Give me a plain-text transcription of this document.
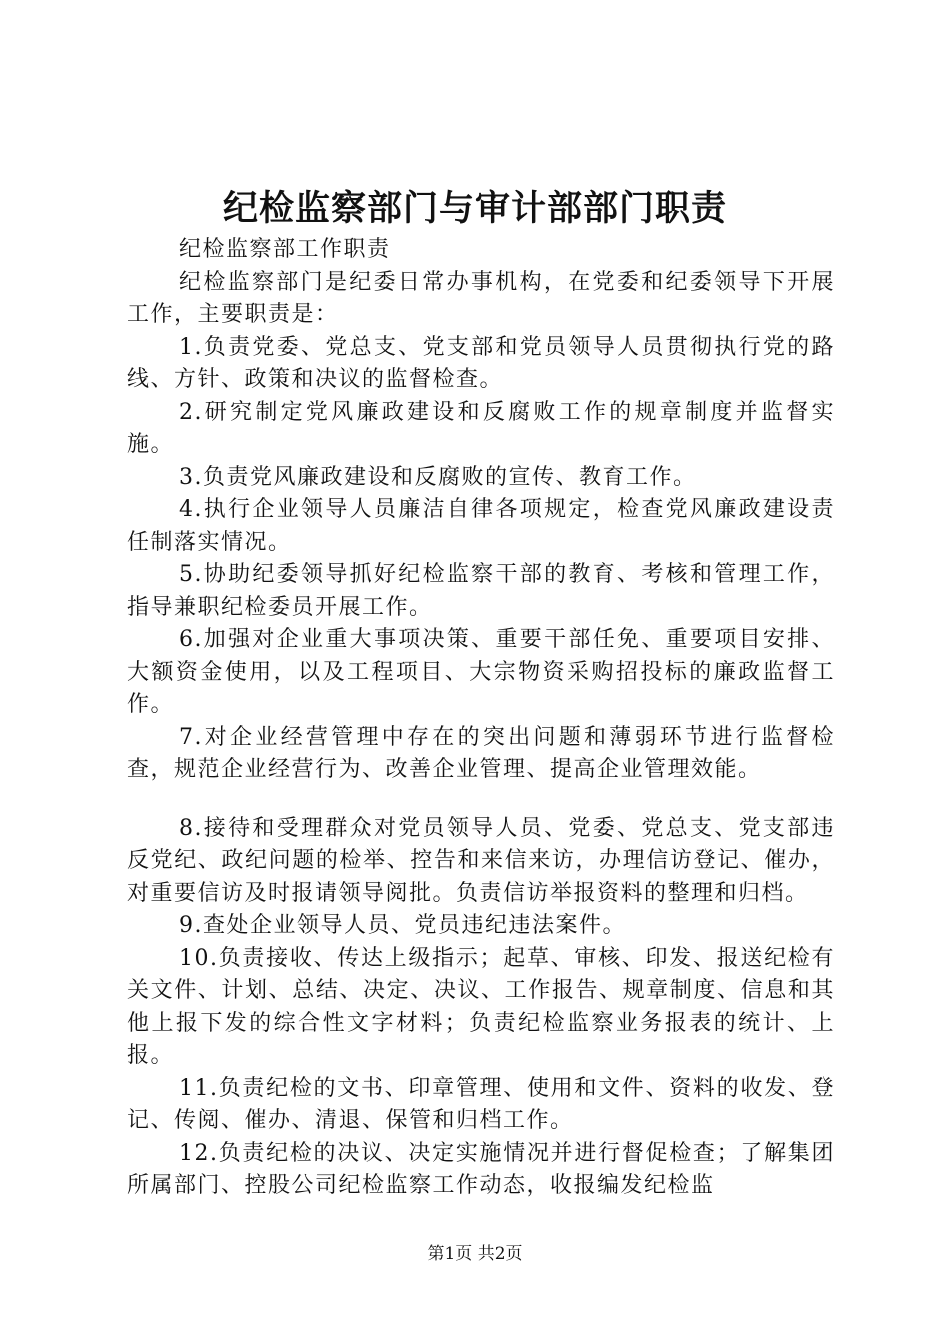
纪检监察部门与审计部部门职责

纪检监察部工作职责

纪检监察部门是纪委日常办事机构，在党委和纪委领导下开展工作，主要职责是：

1.负责党委、党总支、党支部和党员领导人员贯彻执行党的路线、方针、政策和决议的监督检查。

2.研究制定党风廉政建设和反腐败工作的规章制度并监督实施。

3.负责党风廉政建设和反腐败的宣传、教育工作。

4.执行企业领导人员廉洁自律各项规定，检查党风廉政建设责任制落实情况。

5.协助纪委领导抓好纪检监察干部的教育、考核和管理工作，指导兼职纪检委员开展工作。

6.加强对企业重大事项决策、重要干部任免、重要项目安排、大额资金使用，以及工程项目、大宗物资采购招投标的廉政监督工作。

7.对企业经营管理中存在的突出问题和薄弱环节进行监督检查，规范企业经营行为、改善企业管理、提高企业管理效能。

8.接待和受理群众对党员领导人员、党委、党总支、党支部违反党纪、政纪问题的检举、控告和来信来访，办理信访登记、催办，对重要信访及时报请领导阅批。负责信访举报资料的整理和归档。

9.查处企业领导人员、党员违纪违法案件。

10.负责接收、传达上级指示；起草、审核、印发、报送纪检有关文件、计划、总结、决定、决议、工作报告、规章制度、信息和其他上报下发的综合性文字材料；负责纪检监察业务报表的统计、上报。

11.负责纪检的文书、印章管理、使用和文件、资料的收发、登记、传阅、催办、清退、保管和归档工作。

12.负责纪检的决议、决定实施情况并进行督促检查；了解集团所属部门、控股公司纪检监察工作动态，收报编发纪检监

第1页 共2页
